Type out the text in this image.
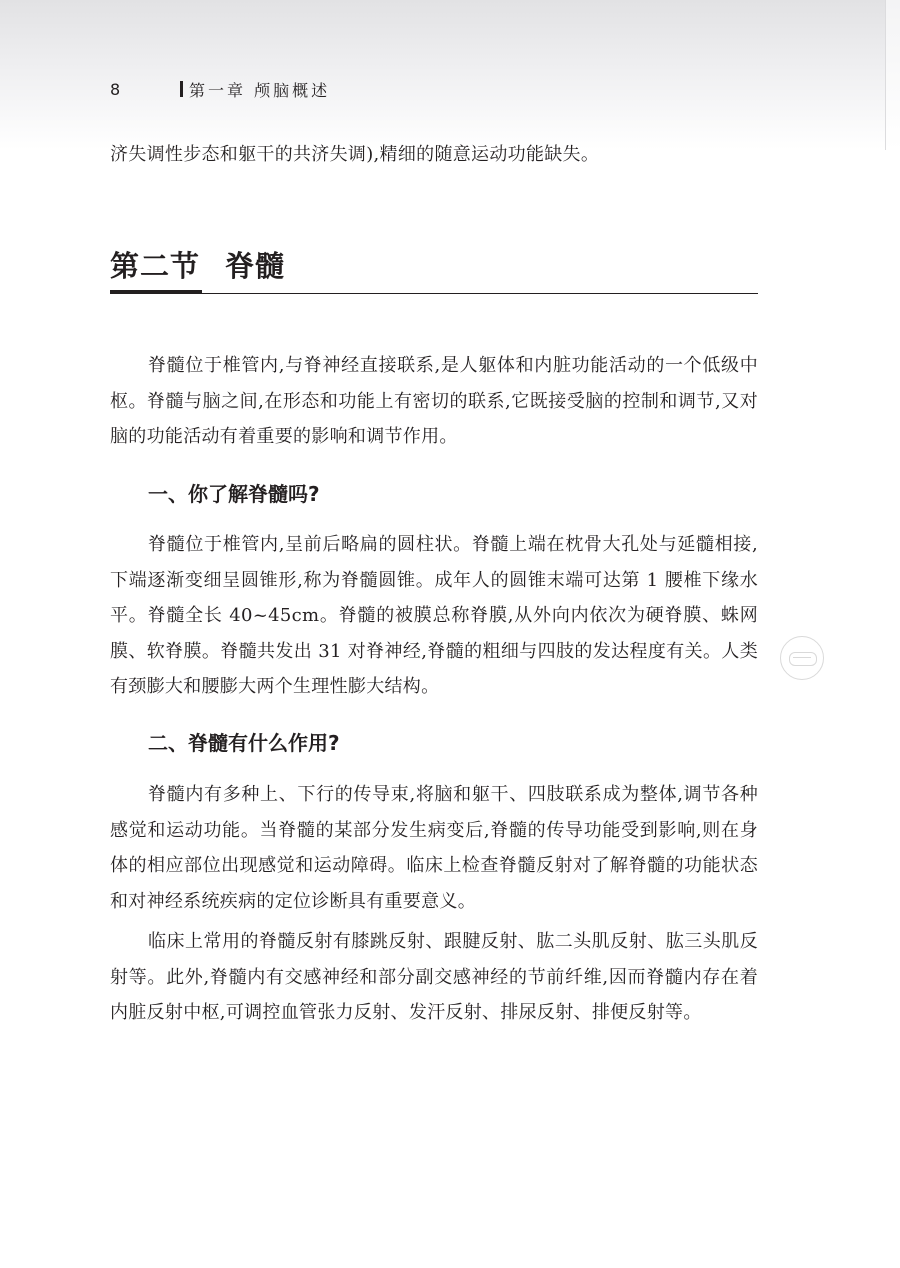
8	第一章 颅脑概述

济失调性步态和躯干的共济失调),精细的随意运动功能缺失。

第二节 脊髓

脊髓位于椎管内,与脊神经直接联系,是人躯体和内脏功能活动的一个低级中枢。脊髓与脑之间,在形态和功能上有密切的联系,它既接受脑的控制和调节,又对脑的功能活动有着重要的影响和调节作用。

一、你了解脊髓吗?

脊髓位于椎管内,呈前后略扁的圆柱状。脊髓上端在枕骨大孔处与延髓相接,下端逐渐变细呈圆锥形,称为脊髓圆锥。成年人的圆锥末端可达第 1 腰椎下缘水平。脊髓全长 40~45cm。脊髓的被膜总称脊膜,从外向内依次为硬脊膜、蛛网膜、软脊膜。脊髓共发出 31 对脊神经,脊髓的粗细与四肢的发达程度有关。人类有颈膨大和腰膨大两个生理性膨大结构。

二、脊髓有什么作用?

脊髓内有多种上、下行的传导束,将脑和躯干、四肢联系成为整体,调节各种感觉和运动功能。当脊髓的某部分发生病变后,脊髓的传导功能受到影响,则在身体的相应部位出现感觉和运动障碍。临床上检查脊髓反射对了解脊髓的功能状态和对神经系统疾病的定位诊断具有重要意义。

临床上常用的脊髓反射有膝跳反射、跟腱反射、肱二头肌反射、肱三头肌反射等。此外,脊髓内有交感神经和部分副交感神经的节前纤维,因而脊髓内存在着内脏反射中枢,可调控血管张力反射、发汗反射、排尿反射、排便反射等。
